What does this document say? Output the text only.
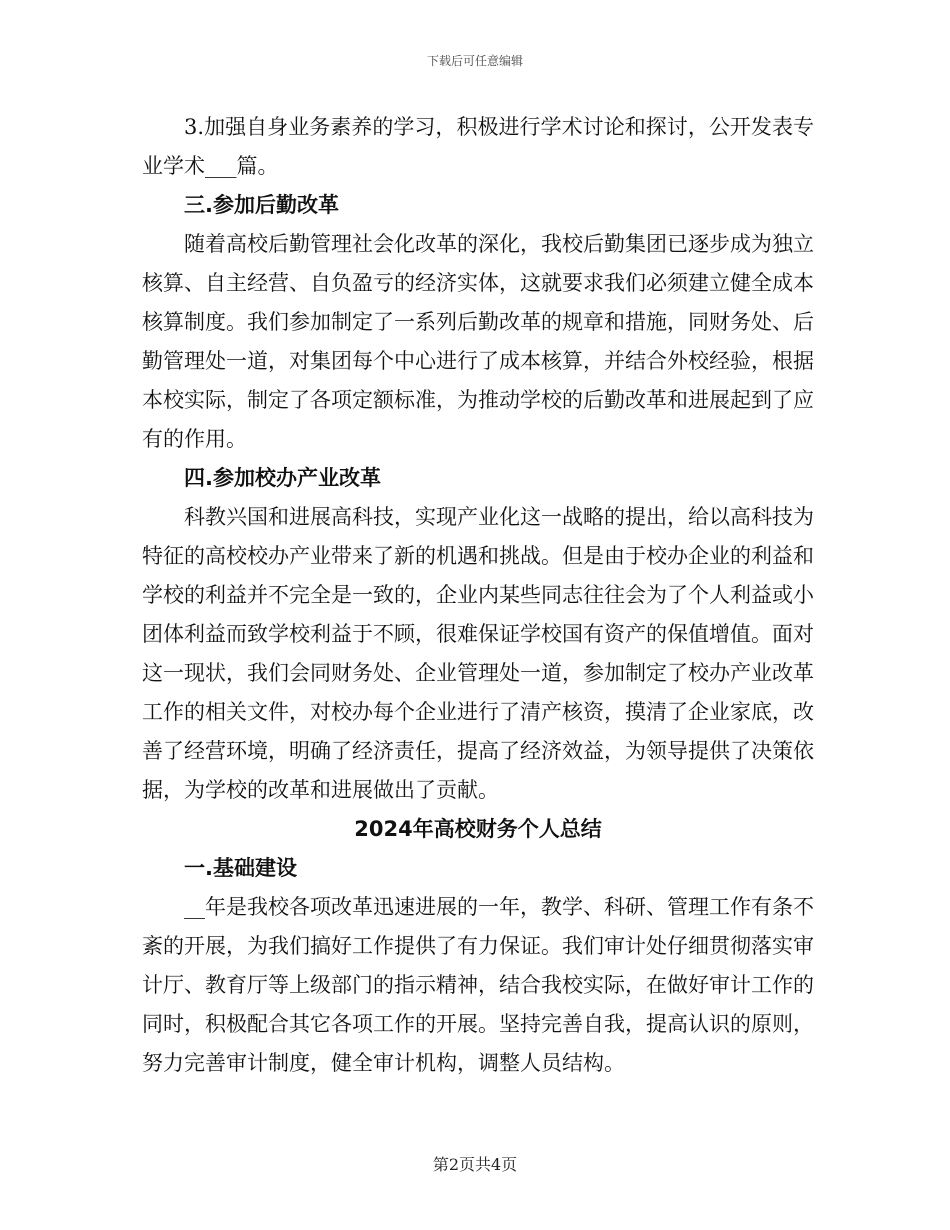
下载后可任意编辑

3.加强自身业务素养的学习，积极进行学术讨论和探讨，公开发表专业学术___篇。

三.参加后勤改革

随着高校后勤管理社会化改革的深化，我校后勤集团已逐步成为独立核算、自主经营、自负盈亏的经济实体，这就要求我们必须建立健全成本核算制度。我们参加制定了一系列后勤改革的规章和措施，同财务处、后勤管理处一道，对集团每个中心进行了成本核算，并结合外校经验，根据本校实际，制定了各项定额标准，为推动学校的后勤改革和进展起到了应有的作用。

四.参加校办产业改革

科教兴国和进展高科技，实现产业化这一战略的提出，给以高科技为特征的高校校办产业带来了新的机遇和挑战。但是由于校办企业的利益和学校的利益并不完全是一致的，企业内某些同志往往会为了个人利益或小团体利益而致学校利益于不顾，很难保证学校国有资产的保值增值。面对这一现状，我们会同财务处、企业管理处一道，参加制定了校办产业改革工作的相关文件，对校办每个企业进行了清产核资，摸清了企业家底，改善了经营环境，明确了经济责任，提高了经济效益，为领导提供了决策依据，为学校的改革和进展做出了贡献。

2024年高校财务个人总结

一.基础建设

__年是我校各项改革迅速进展的一年，教学、科研、管理工作有条不紊的开展，为我们搞好工作提供了有力保证。我们审计处仔细贯彻落实审计厅、教育厅等上级部门的指示精神，结合我校实际，在做好审计工作的同时，积极配合其它各项工作的开展。坚持完善自我，提高认识的原则，努力完善审计制度，健全审计机构，调整人员结构。

第2页共4页
